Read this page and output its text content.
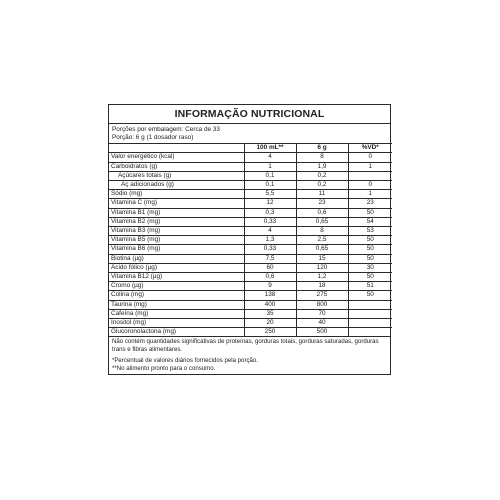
INFORMAÇÃO NUTRICIONAL
Porções por embalagem: Cerca de 33
Porção: 6 g (1 dosador raso)
	100 mL**	6 g	%VD*
Valor energético (kcal)	4	8	0
Carboidratos (g)	1	1,9	1
Açúcares totais (g)	0,1	0,2	
Aç adicionados (g)	0,1	0,2	0
Sódio (mg)	5,5	11	1
Vitamina C (mg)	12	23	23
Vitamina B1 (mg)	0,3	0,6	50
Vitamina B2 (mg)	0,33	0,65	54
Vitamina B3 (mg)	4	8	53
Vitamina B5 (mg)	1,3	2,5	50
Vitamina B6 (mg)	0,33	0,65	50
Biotina (µg)	7,5	15	50
Ácido fólico (µg)	60	120	30
Vitamina B12 (µg)	0,6	1,2	50
Cromo (µg)	9	18	51
Colina (mg)	138	275	50
Taurina (mg)	400	800	
Cafeína (mg)	35	70	
Inositol (mg)	20	40	
Glucoronolactona (mg)	250	500	

Não contém quantidades significativas de proteínas, gorduras totais, gorduras saturadas, gorduras trans e fibras alimentares.

*Percentual de valores diários fornecidos pela porção.

**No alimento pronto para o consumo.
